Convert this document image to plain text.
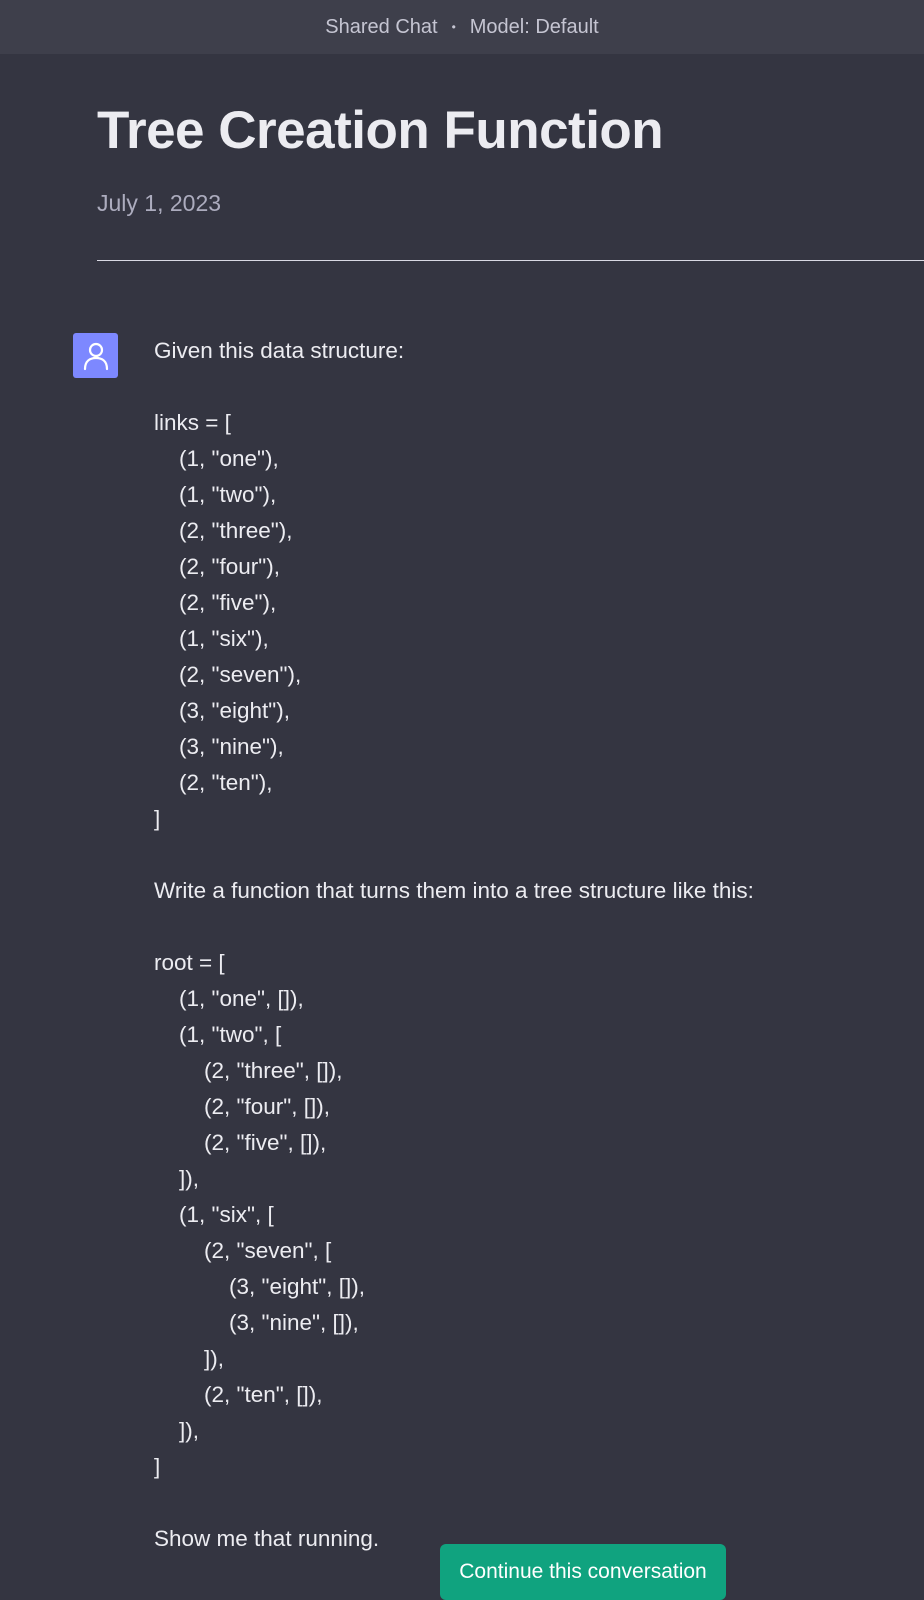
Shared Chat • Model: Default
Tree Creation Function
July 1, 2023

Given this data structure:

links = [
(1, "one"),
(1, "two"),
(2, "three"),
(2, "four"),
(2, "five"),
(1, "six"),
(2, "seven"),
(3, "eight"),
(3, "nine"),
(2, "ten"),
]

Write a function that turns them into a tree structure like this:

root = [
(1, "one", []),
(1, "two", [
(2, "three", []),
(2, "four", []),
(2, "five", []),
]),
(1, "six", [
(2, "seven", [
(3, "eight", []),
(3, "nine", []),
]),
(2, "ten", []),
]),
]

Show me that running.

Continue this conversation
